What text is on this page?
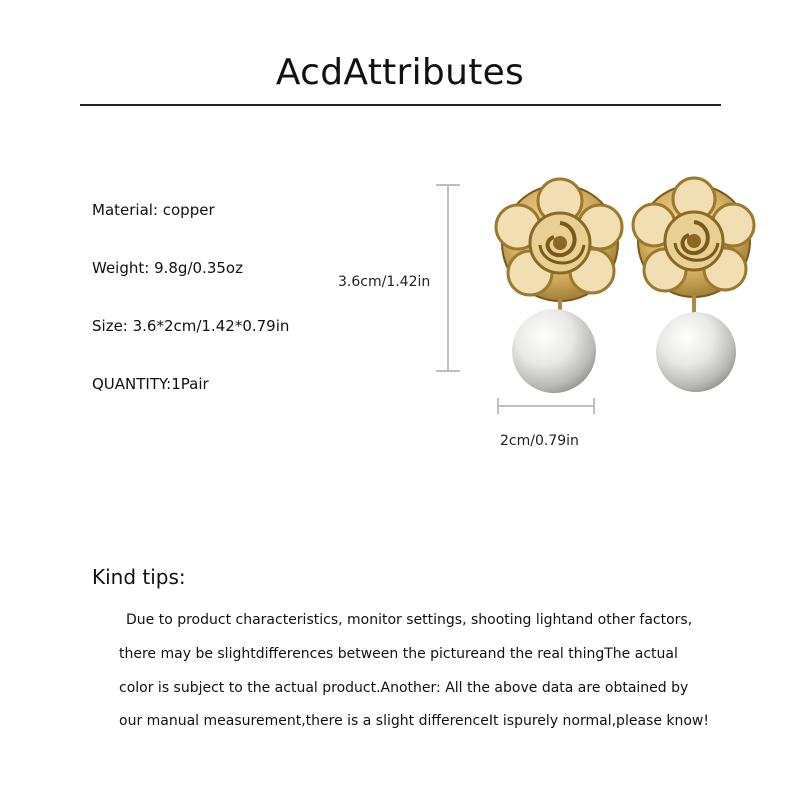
AcdAttributes
Material: copper
Weight: 9.8g/0.35oz
Size: 3.6*2cm/1.42*0.79in
QUANTITY:1Pair
3.6cm/1.42in
2cm/0.79in
Kind tips:
Due to product characteristics, monitor settings, shooting lightand other factors,
there may be slightdifferences between the pictureand the real thingThe actual
color is subject to the actual product.Another: All the above data are obtained by
our manual measurement,there is a slight differenceIt ispurely normal,please know!
